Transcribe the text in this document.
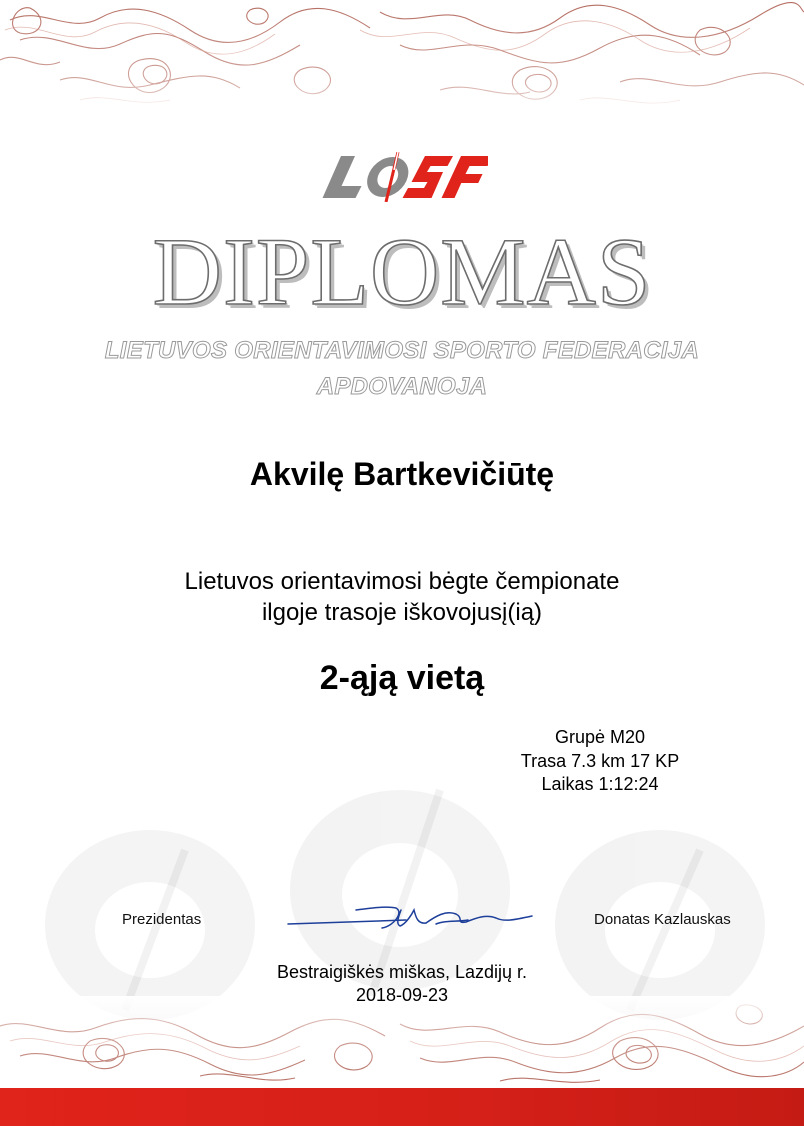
DIPLOMAS
LIETUVOS ORIENTAVIMOSI SPORTO FEDERACIJA
APDOVANOJA
Akvilę Bartkevičiūtę
Lietuvos orientavimosi bėgte čempionate
ilgoje trasoje iškovojusį(ią)
2-ąją vietą
Grupė M20
Trasa 7.3 km 17 KP
Laikas 1:12:24
Prezidentas	Donatas Kazlauskas
Bestraigiškės miškas, Lazdijų r.
2018-09-23
